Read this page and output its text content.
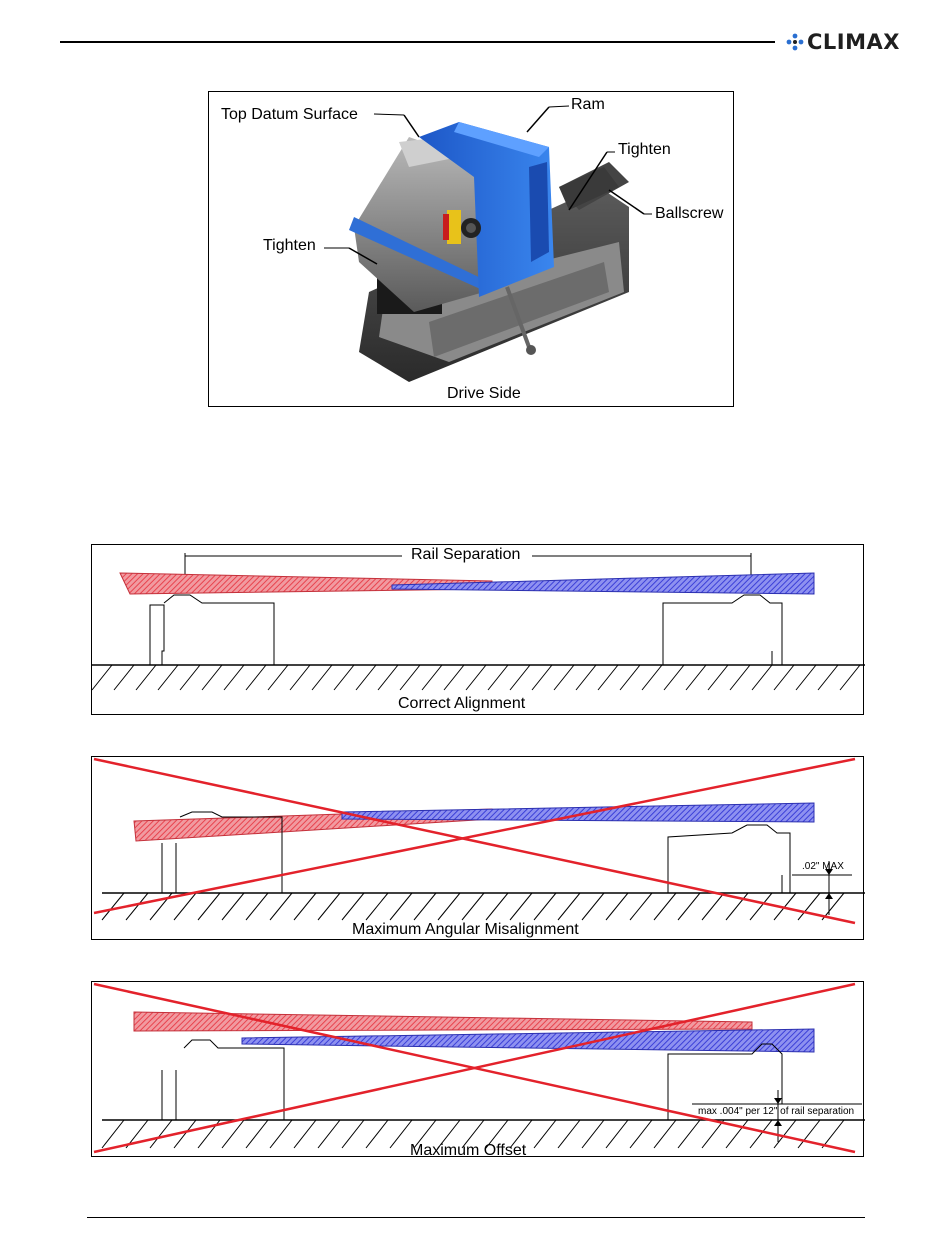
CLIMAX
Top Datum Surface
Ram
Tighten
Ballscrew
Tighten
Drive Side
Rail Separation
Correct Alignment
.02" MAX
Maximum Angular Misalignment
max .004" per 12" of rail separation
Maximum Offset
